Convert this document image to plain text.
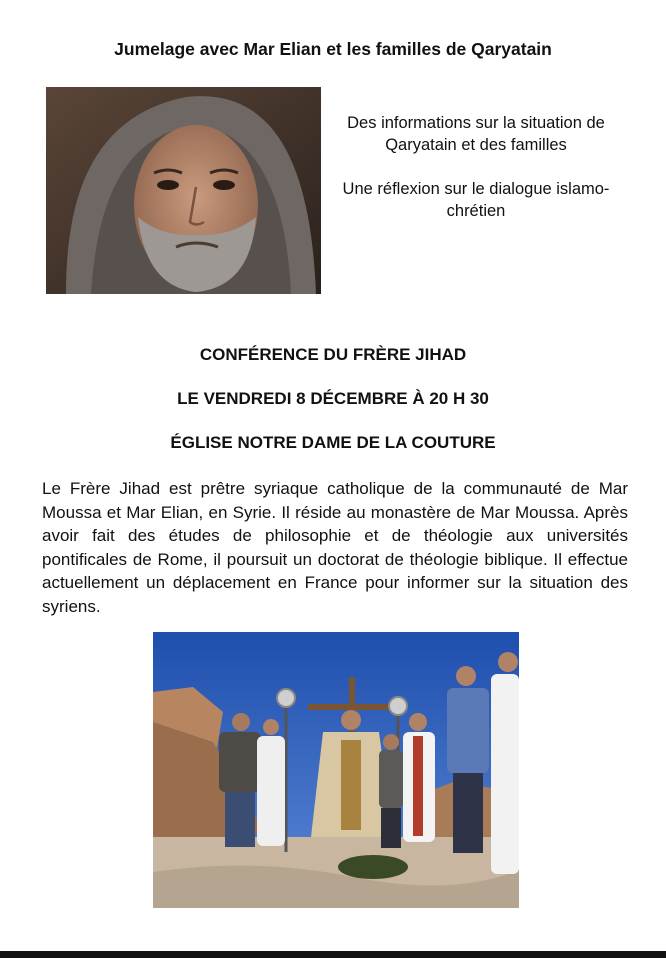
Jumelage avec Mar Elian et les familles de Qaryatain

Des informations sur la situation de Qaryatain et des familles

Une réflexion sur le dialogue islamo-chrétien

CONFÉRENCE DU FRÈRE JIHAD
LE VENDREDI 8 DÉCEMBRE À 20 H 30
ÉGLISE NOTRE DAME DE LA COUTURE
Le Frère Jihad est prêtre syriaque catholique de la communauté de Mar Moussa et Mar Elian, en Syrie. Il réside au monastère de Mar Moussa. Après avoir fait des études de philosophie et de théologie aux universités pontificales de Rome, il poursuit un doctorat de théologie biblique. Il effectue actuellement un déplacement en France pour informer sur la situation des syriens.
